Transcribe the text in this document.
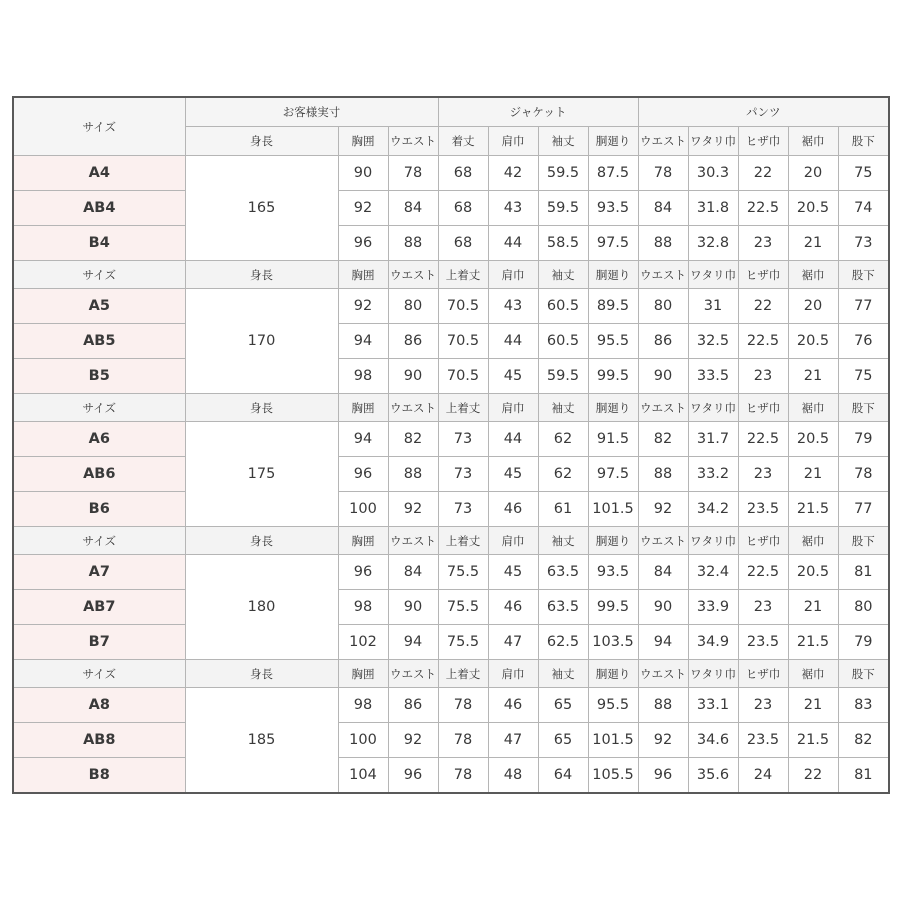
サイズ	お客様実寸			ジャケット				パンツ				
	身長	胸囲	ウエスト	着丈	肩巾	袖丈	胴廻り	ウエスト	ワタリ巾	ヒザ巾	裾巾	股下
A4	165	90	78	68	42	59.5	87.5	78	30.3	22	20	75
AB4		92	84	68	43	59.5	93.5	84	31.8	22.5	20.5	74
B4		96	88	68	44	58.5	97.5	88	32.8	23	21	73
サイズ	身長	胸囲	ウエスト	上着丈	肩巾	袖丈	胴廻り	ウエスト	ワタリ巾	ヒザ巾	裾巾	股下
A5	170	92	80	70.5	43	60.5	89.5	80	31	22	20	77
AB5		94	86	70.5	44	60.5	95.5	86	32.5	22.5	20.5	76
B5		98	90	70.5	45	59.5	99.5	90	33.5	23	21	75
サイズ	身長	胸囲	ウエスト	上着丈	肩巾	袖丈	胴廻り	ウエスト	ワタリ巾	ヒザ巾	裾巾	股下
A6	175	94	82	73	44	62	91.5	82	31.7	22.5	20.5	79
AB6		96	88	73	45	62	97.5	88	33.2	23	21	78
B6		100	92	73	46	61	101.5	92	34.2	23.5	21.5	77
サイズ	身長	胸囲	ウエスト	上着丈	肩巾	袖丈	胴廻り	ウエスト	ワタリ巾	ヒザ巾	裾巾	股下
A7	180	96	84	75.5	45	63.5	93.5	84	32.4	22.5	20.5	81
AB7		98	90	75.5	46	63.5	99.5	90	33.9	23	21	80
B7		102	94	75.5	47	62.5	103.5	94	34.9	23.5	21.5	79
サイズ	身長	胸囲	ウエスト	上着丈	肩巾	袖丈	胴廻り	ウエスト	ワタリ巾	ヒザ巾	裾巾	股下
A8	185	98	86	78	46	65	95.5	88	33.1	23	21	83
AB8		100	92	78	47	65	101.5	92	34.6	23.5	21.5	82
B8		104	96	78	48	64	105.5	96	35.6	24	22	81
